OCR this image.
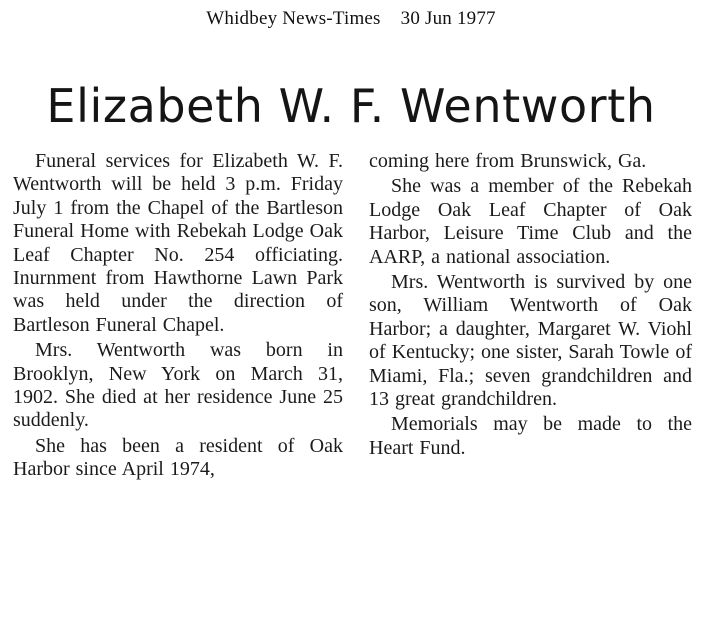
Whidbey News-Times 30 Jun 1977
Elizabeth W. F. Wentworth

Funeral services for Elizabeth W. F. Wentworth will be held 3 p.m. Friday July 1 from the Chapel of the Bartleson Funeral Home with Rebekah Lodge Oak Leaf Chapter No. 254 officiating. Inurnment from Hawthorne Lawn Park was held under the direction of Bartleson Funeral Chapel.

Mrs. Wentworth was born in Brooklyn, New York on March 31, 1902. She died at her residence June 25 suddenly.

She has been a resident of Oak Harbor since April 1974,

coming here from Brunswick, Ga.

She was a member of the Rebekah Lodge Oak Leaf Chapter of Oak Harbor, Leisure Time Club and the AARP, a national association.

Mrs. Wentworth is survived by one son, William Wentworth of Oak Harbor; a daughter, Margaret W. Viohl of Kentucky; one sister, Sarah Towle of Miami, Fla.; seven grandchildren and 13 great grandchildren.

Memorials may be made to the Heart Fund.
